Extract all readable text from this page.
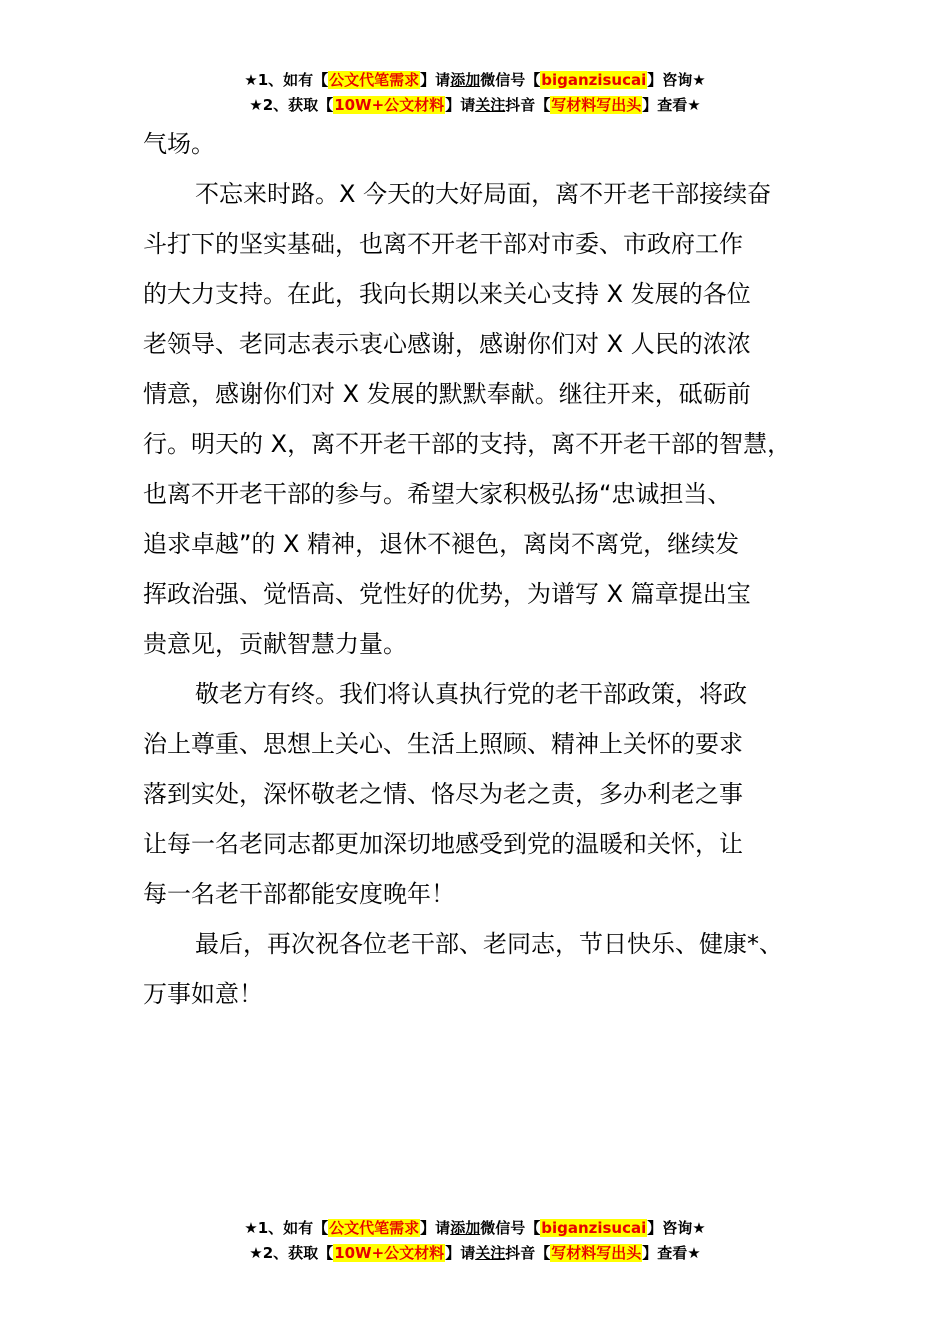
★1、如有【公文代笔需求】请添加微信号【biganzisucai】咨询★
★2、获取【10W+公文材料】请关注抖音【写材料写出头】查看★
气场。
不忘来时路。X 今天的大好局面，离不开老干部接续奋
斗打下的坚实基础，也离不开老干部对市委、市政府工作
的大力支持。在此，我向长期以来关心支持 X 发展的各位
老领导、老同志表示衷心感谢，感谢你们对 X 人民的浓浓
情意，感谢你们对 X 发展的默默奉献。继往开来，砥砺前
行。明天的 X，离不开老干部的支持，离不开老干部的智慧，
也离不开老干部的参与。希望大家积极弘扬“忠诚担当、
追求卓越”的 X 精神，退休不褪色，离岗不离党，继续发
挥政治强、觉悟高、党性好的优势，为谱写 X 篇章提出宝
贵意见，贡献智慧力量。
敬老方有终。我们将认真执行党的老干部政策，将政
治上尊重、思想上关心、生活上照顾、精神上关怀的要求
落到实处，深怀敬老之情、恪尽为老之责，多办利老之事
让每一名老同志都更加深切地感受到党的温暖和关怀，让
每一名老干部都能安度晚年！
最后，再次祝各位老干部、老同志，节日快乐、健康*、
万事如意！
★1、如有【公文代笔需求】请添加微信号【biganzisucai】咨询★
★2、获取【10W+公文材料】请关注抖音【写材料写出头】查看★
